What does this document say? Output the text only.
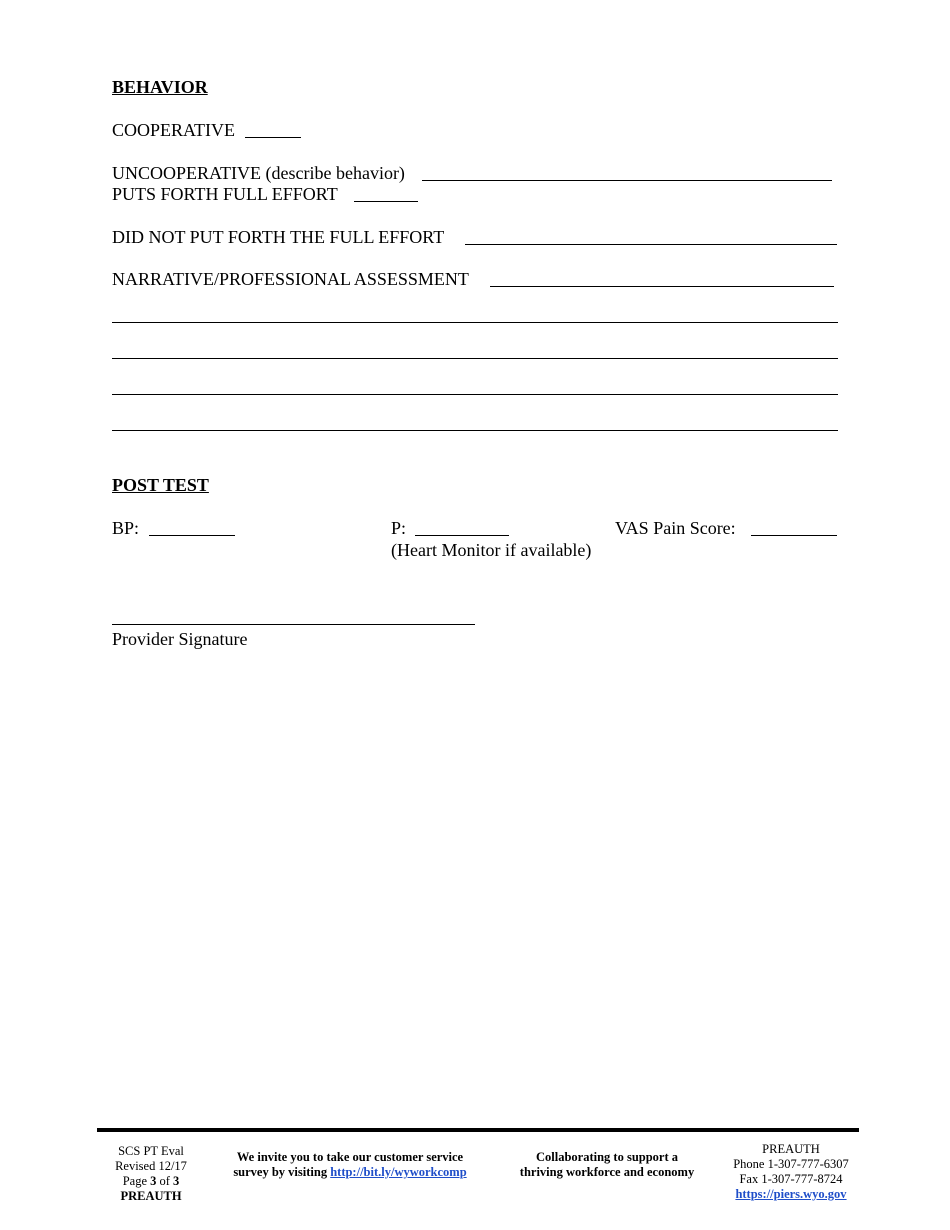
BEHAVIOR
COOPERATIVE
UNCOOPERATIVE (describe behavior)
PUTS FORTH FULL EFFORT
DID NOT PUT FORTH THE FULL EFFORT
NARRATIVE/PROFESSIONAL ASSESSMENT
POST TEST
BP:	P:
(Heart Monitor if available)
VAS Pain Score:
Provider Signature
SCS PT Eval
Revised 12/17
Page 3 of 3
PREAUTH
We invite you to take our customer service
survey by visiting http://bit.ly/wyworkcomp
Collaborating to support a
thriving workforce and economy
PREAUTH
Phone 1-307-777-6307
Fax 1-307-777-8724
https://piers.wyo.gov
